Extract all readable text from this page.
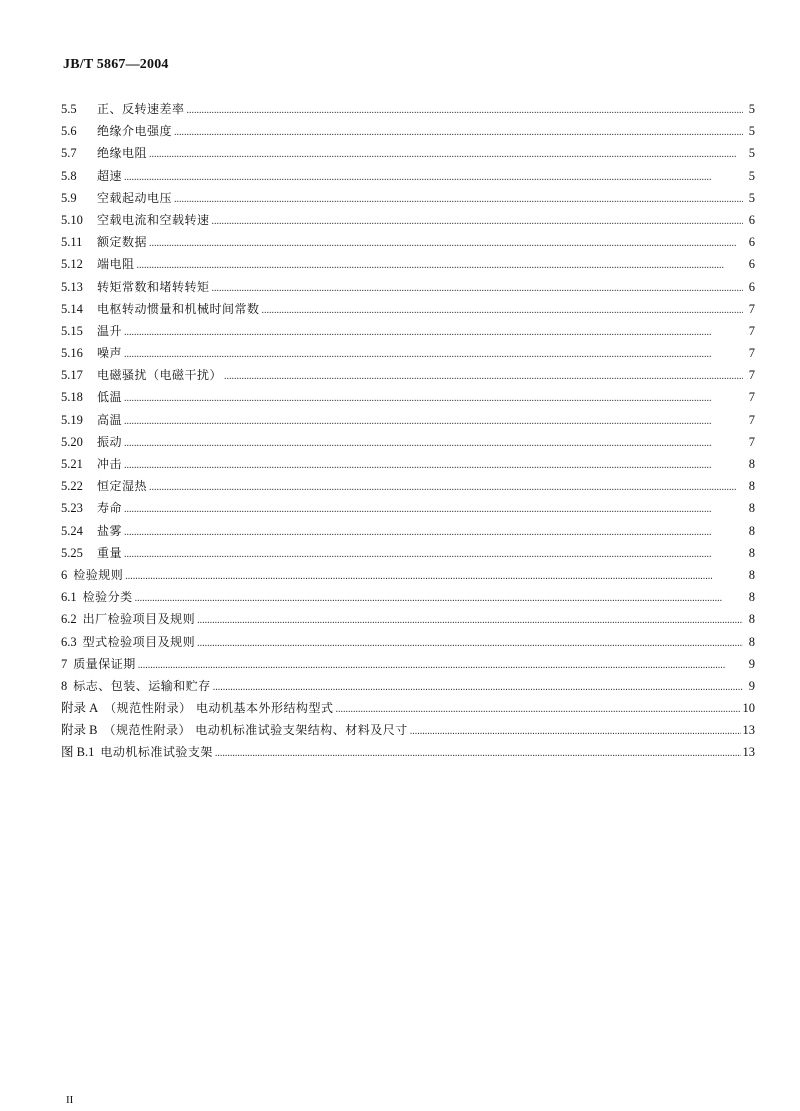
JB/T 5867—2004
5.5	正、反转速差率 .....	5
5.6	绝缘介电强度 .....	5
5.7	绝缘电阻 .....	5
5.8	超速 .....	5
5.9	空载起动电压 .....	5
5.10	空载电流和空载转速 .....	6
5.11	额定数据 .....	6
5.12	端电阻 .....	6
5.13	转矩常数和堵转转矩 .....	6
5.14	电枢转动惯量和机械时间常数 .....	7
5.15	温升 .....	7
5.16	噪声 .....	7
5.17	电磁骚扰（电磁干扰） .....	7
5.18	低温 .....	7
5.19	高温 .....	7
5.20	振动 .....	7
5.21	冲击 .....	8
5.22	恒定湿热 .....	8
5.23	寿命 .....	8
5.24	盐雾 .....	8
5.25	重量 .....	8
6 检验规则 .....	8
6.1 检验分类 .....	8
6.2 出厂检验项目及规则 .....	8
6.3 型式检验项目及规则 .....	8
7 质量保证期 .....	9
8 标志、包装、运输和贮存 .....	9
附录 A （规范性附录） 电动机基本外形结构型式 .....	10
附录 B （规范性附录） 电动机标准试验支架结构、材料及尺寸 .....	13
图 B.1 电动机标准试验支架 .....	13
II
